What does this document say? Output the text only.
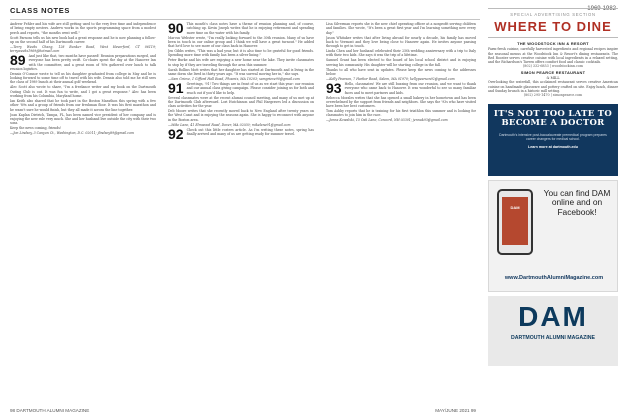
CLASS NOTES	1969-1982

Andrew Fehler and his wife are still getting used to the very free time and independence of being empty nesters. Andrew works in the sports programming space from a modest perch and reports, "the months went well."

Scott Parsons tells us his new book had a great response and he is now planning a follow-up on the second half of his Dartmouth career.

—Terry Weeks Chang, 128 Bunker Road, West Haverford, CT 06119; terryweeks1969@hotmail.com

89 And just like that, two months have passed! Reunion preparations surged, and everyone has been pretty swift. Co-chairs spent the day at the Hanover Inn with the committee, and a great room of '89s gathered over lunch to talk reunion logistics.

Dennis O'Connor wrote to tell us his daughter graduated from college in May and he is looking forward to some time off to travel with his wife. Dennis also told me he still sees the class of 1989 bunch at their annual golf weekend.

Alec Scott also wrote to share, "I'm a freelance writer and my book on the Dartmouth Outing Club is out. It was fun to write, and I got a great response." Alec has been working from his Columbia, Maryland home.

Ian Keith also shared that he took part in the Boston Marathon this spring with a few other '89s and a group of friends from our freshman floor. It was his first marathon and he wasn't sure he would finish, but they all made it across the line together.

Joan Kaplan Dietrich, Tampa, FL, has been named vice president of her company and is enjoying the new role very much. She and her husband live outside the city with their two sons.

Keep the news coming, friends!

—Jon Lindsey, 3 Canyon Ct., Washington, D.C. 02011; jlindsey89@gmail.com

90 This month's class notes have a theme of reunion planning and, of course, catching up. Kevin Joseph writes that he is enjoying retirement and spending more time on the water with his family.

Marcus Webster wrote, "I'm really looking forward to the 30th reunion. Many of us have been in touch in our online group and I think we will have a great turnout." He added that he'd love to see more of our class back in Hanover.

Jen Gibbs writes, "This was a bad year, but it is also time to be grateful for good friends. Spending more time with family has been a silver lining."

Peter Burke and his wife are enjoying a new home near the lake. They invite classmates to stop by if they are traveling through the area this summer.

Sarah Rollins Mott writes that her daughter has started at Dartmouth and is living in the same dorm she lived in thirty years ago. "It was surreal moving her in," she says.

—Sam Grieve, 1 Gifford Hall Road, Phoenix, MA 10203; samgrieve90@gmail.com

91 Greetings, '91! Two things are in front of us as we start this year: our reunion and our annual class giving campaign. Please consider joining us for both and reach out if you'd like to help.

Several classmates were at the recent alumni council meeting, and many of us met up at the Dartmouth Club afterward. Lori Hutchinson and Phil Hargraves led a discussion on class activities for the year.

Deb Moore writes that she recently moved back to New England after twenty years on the West Coast and is enjoying the seasons again. She is happy to reconnect with anyone in the Boston area.

—Mike Lane, 41 Elmwood Road, Dover, MA 02030; mikelane91@gmail.com

92 Check out this little rosters article. As I'm writing these notes, spring has finally arrived and many of us are getting ready for summer travel.

Lisa Silverman reports she is the new chief operating officer at a nonprofit serving children and families. She wrote, "It's been a great first year and I'm learning something new every day."

Jason Whitaker writes that after living abroad for nearly a decade, his family has moved back to Vermont and they love being close to Hanover again. He invites anyone passing through to get in touch.

Linda Chen and her husband celebrated their 25th wedding anniversary with a trip to Italy with their two kids. She says it was the trip of a lifetime.

Samuel Grant has been elected to the board of his local school district and is enjoying serving his community. His daughter will be starting college in the fall.

Thanks to all who have sent in updates. Please keep the news coming to the addresses below.

—Kelly Pearson, 7 Harbor Road, Salem, MA 01970; kellypearson92@gmail.com

93 Hello, classmates! We are still buzzing from our reunion, and we want to thank everyone who came back to Hanover. It was wonderful to see so many familiar faces and to meet partners and kids.

Rebecca Morales writes that she has opened a small bakery in her hometown and has been overwhelmed by the support from friends and neighbors. She says the '93s who have visited have been her best customers.

Tom Ashby reports that he is training for his first triathlon this summer and is looking for classmates to join him in the race.

—Jenna Kowalski, 15 Oak Lane, Concord, NH 03301; jennak93@gmail.com

98 DARTMOUTH ALUMNI MAGAZINE	MAY/JUNE 2021 99
SPECIAL ADVERTISING SECTION
WHERE TO DINE
THE WOODSTOCK INN & RESORT
Farm-fresh cuisine, carefully harvested ingredients and regional recipes inspire the seasonal menus at the Woodstock Inn & Resort's dining restaurants. The Red Rooster serves creative cuisine with local ingredients in a relaxed setting, and the Richardson's Tavern offers comfort food and classic cocktails.
(802) 332-6853 | woodstockinn.com
SIMON PEARCE RESTAURANT
& MILL
Overlooking the waterfall, this acclaimed restaurant serves creative American cuisine on handmade glassware and pottery crafted on site. Enjoy lunch, dinner and Sunday brunch in a historic mill setting.
(802) 295-1470 | simonpearce.com
IT'S NOT TOO LATE TO BECOME A DOCTOR
Dartmouth's intensive post-baccalaureate premedical program prepares career changers for medical school.
Learn more at dartmouth.edu
DAM
You can find DAM online and on Facebook!
www.DartmouthAlumniMagazine.com
DAM
DARTMOUTH ALUMNI MAGAZINE
